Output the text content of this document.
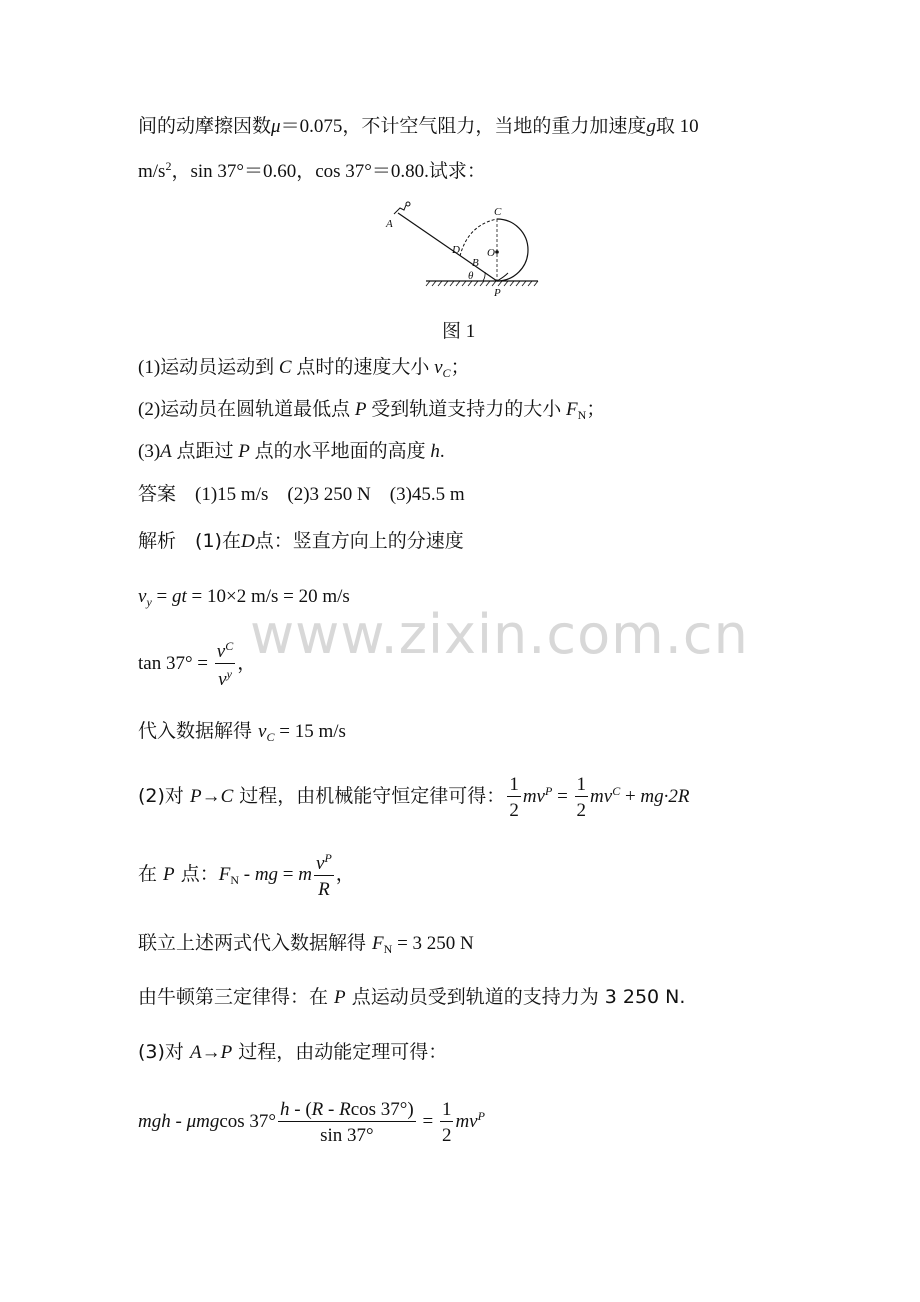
间的动摩擦因数μ＝0.075，不计空气阻力，当地的重力加速度g取 10
$m/s^2$，sin 37°＝0.60，cos 37°＝0.80.试求：
A
D
B
C
O
θ
P
图 1
(1)运动员运动到 C 点时的速度大小 $v_C$；
(2)运动员在圆轨道最低点 P 受到轨道支持力的大小 $F_N$；
(3)A 点距过 P 点的水平地面的高度 h.
答案　 (1)15 m/s　(2)3 250 N　(3)45.5 m
解析　 (1)在D点：竖直方向上的分速度
$v_y$ = gt = 10×2 m/s = 20 m/s
$\tan 37^\circ = \frac{v^C}{v^y}$ ，
代入数据解得 $v_C = 15$ m/s
(2)对 P→C 过程，由机械能守恒定律可得： $\frac{1}{2} mv^P = \frac{1}{2} mv^C + mg\cdot 2R$
在 P 点：$F_N$ - mg = m $\frac{v^P}{R}$ ，
联立上述两式代入数据解得 $F_N = 3$ 250 N
由牛顿第三定律得：在 P 点运动员受到轨道的支持力为 3 250 N.
(3)对 A→P 过程，由动能定理可得：
mgh - μmgcos $37^\circ \frac{h - (R - Rcos 37^\circ)}{\sin 37^\circ} = \frac{1}{2} mv^P$
www.zixin.com.cn
